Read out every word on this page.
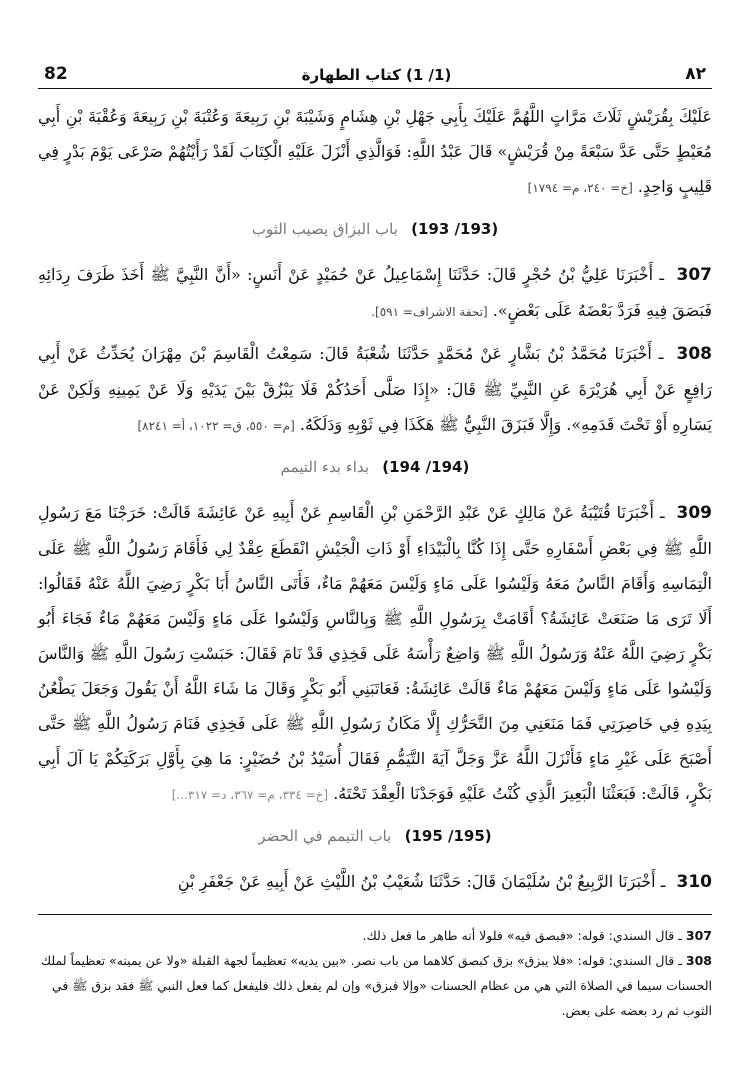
٨٢
(1/ 1) كتاب الطهارة
82

عَلَيْكَ بِقُرَيْشٍ ثَلَاثَ مَرَّاتٍ اللَّهُمَّ عَلَيْكَ بِأَبِي جَهْلِ بْنِ هِشَامٍ وَشَيْبَةَ بْنِ رَبِيعَةَ وَعُتْبَةَ بْنِ رَبِيعَةَ وَعُقْبَةَ بْنِ أَبِي مُعَيْطٍ حَتَّى عَدَّ سَبْعَةً مِنْ قُرَيْشٍ» قَالَ عَبْدُ اللَّهِ: فَوَالَّذِي أَنْزَلَ عَلَيْهِ الْكِتَابَ لَقَدْ رَأَيْتُهُمْ صَرْعَى يَوْمَ بَدْرٍ فِي قَلِيبٍ وَاحِدٍ. [خ= ٢٤٠، م= ١٧٩٤]

(193/ 193) باب البزاق يصيب الثوب

307 ـ أَخْبَرَنَا عَلِيُّ بْنُ حُجْرٍ قَالَ: حَدَّثَنَا إِسْمَاعِيلُ عَنْ حُمَيْدٍ عَنْ أَنَسٍ: «أَنَّ النَّبِيَّ ﷺ أَخَذَ طَرَفَ رِدَائِهِ فَبَصَقَ فِيهِ فَرَدَّ بَعْضَهُ عَلَى بَعْضٍ». [تحفة الاشراف= ٥٩١].

308 ـ أَخْبَرَنَا مُحَمَّدُ بْنُ بَشَّارٍ عَنْ مُحَمَّدٍ حَدَّثَنَا شُعْبَةُ قَالَ: سَمِعْتُ الْقَاسِمَ بْنَ مِهْرَانَ يُحَدِّثُ عَنْ أَبِي رَافِعٍ عَنْ أَبِي هُرَيْرَةَ عَنِ النَّبِيِّ ﷺ قَالَ: «إِذَا صَلَّى أَحَدُكُمْ فَلَا يَبْزُقْ بَيْنَ يَدَيْهِ وَلَا عَنْ يَمِينِهِ وَلَكِنْ عَنْ يَسَارِهِ أَوْ تَحْتَ قَدَمِهِ». وَإِلَّا فَبَزَقَ النَّبِيُّ ﷺ هَكَذَا فِي ثَوْبِهِ وَدَلَكَهُ. [م= ٥٥٠، ق= ١٠٢٢، أ= ٨٢٤١]

(194/ 194) بداء بدء التيمم

309 ـ أَخْبَرَنَا قُتَيْبَةُ عَنْ مَالِكٍ عَنْ عَبْدِ الرَّحْمَنِ بْنِ الْقَاسِمِ عَنْ أَبِيهِ عَنْ عَائِشَةَ قَالَتْ: خَرَجْنَا مَعَ رَسُولِ اللَّهِ ﷺ فِي بَعْضِ أَسْفَارِهِ حَتَّى إِذَا كُنَّا بِالْبَيْدَاءِ أَوْ ذَاتِ الْجَيْشِ انْقَطَعَ عِقْدٌ لِي فَأَقَامَ رَسُولُ اللَّهِ ﷺ عَلَى الْتِمَاسِهِ وَأَقَامَ النَّاسُ مَعَهُ وَلَيْسُوا عَلَى مَاءٍ وَلَيْسَ مَعَهُمْ مَاءٌ، فَأَتَى النَّاسُ أَبَا بَكْرٍ رَضِيَ اللَّهُ عَنْهُ فَقَالُوا: أَلَا تَرَى مَا صَنَعَتْ عَائِشَةُ؟ أَقَامَتْ بِرَسُولِ اللَّهِ ﷺ وَبِالنَّاسِ وَلَيْسُوا عَلَى مَاءٍ وَلَيْسَ مَعَهُمْ مَاءٌ فَجَاءَ أَبُو بَكْرٍ رَضِيَ اللَّهُ عَنْهُ وَرَسُولُ اللَّهِ ﷺ وَاضِعٌ رَأْسَهُ عَلَى فَخِذِي قَدْ نَامَ فَقَالَ: حَبَسْتِ رَسُولَ اللَّهِ ﷺ وَالنَّاسَ وَلَيْسُوا عَلَى مَاءٍ وَلَيْسَ مَعَهُمْ مَاءٌ قَالَتْ عَائِشَةُ: فَعَاتَبَنِي أَبُو بَكْرٍ وَقَالَ مَا شَاءَ اللَّهُ أَنْ يَقُولَ وَجَعَلَ يَطْعُنُ بِيَدِهِ فِي خَاصِرَتِي فَمَا مَنَعَنِي مِنَ التَّحَرُّكِ إِلَّا مَكَانُ رَسُولِ اللَّهِ ﷺ عَلَى فَخِذِي فَنَامَ رَسُولُ اللَّهِ ﷺ حَتَّى أَصْبَحَ عَلَى غَيْرِ مَاءٍ فَأَنْزَلَ اللَّهُ عَزَّ وَجَلَّ آيَةَ التَّيَمُّمِ فَقَالَ أُسَيْدُ بْنُ حُضَيْرٍ: مَا هِيَ بِأَوَّلِ بَرَكَتِكُمْ يَا آلَ أَبِي بَكْرٍ، قَالَتْ: فَبَعَثْنَا الْبَعِيرَ الَّذِي كُنْتُ عَلَيْهِ فَوَجَدْنَا الْعِقْدَ تَحْتَهُ. [خ= ٣٣٤، م= ٣٦٧، د= ٣١٧...]

(195/ 195) باب التيمم في الحضر

310 ـ أَخْبَرَنَا الرَّبِيعُ بْنُ سُلَيْمَانَ قَالَ: حَدَّثَنَا شُعَيْبُ بْنُ اللَّيْثِ عَنْ أَبِيهِ عَنْ جَعْفَرِ بْنِ

307 ـ قال السندي: قوله: «فبصق فيه» فلولا أنه طاهر ما فعل ذلك.

308 ـ قال السندي: قوله: «فلا يبزق» بزق كبصق كلاهما من باب نصر. «بين يديه» تعظيماً لجهة القبلة «ولا عن يمينه» تعظيماً لملك الحسنات سيما في الصلاة التي هي من عظام الحسنات «وإلا فبزق» وإن لم يفعل ذلك فليفعل كما فعل النبي ﷺ فقد بزق ﷺ في الثوب ثم رد بعضه على بعض.
